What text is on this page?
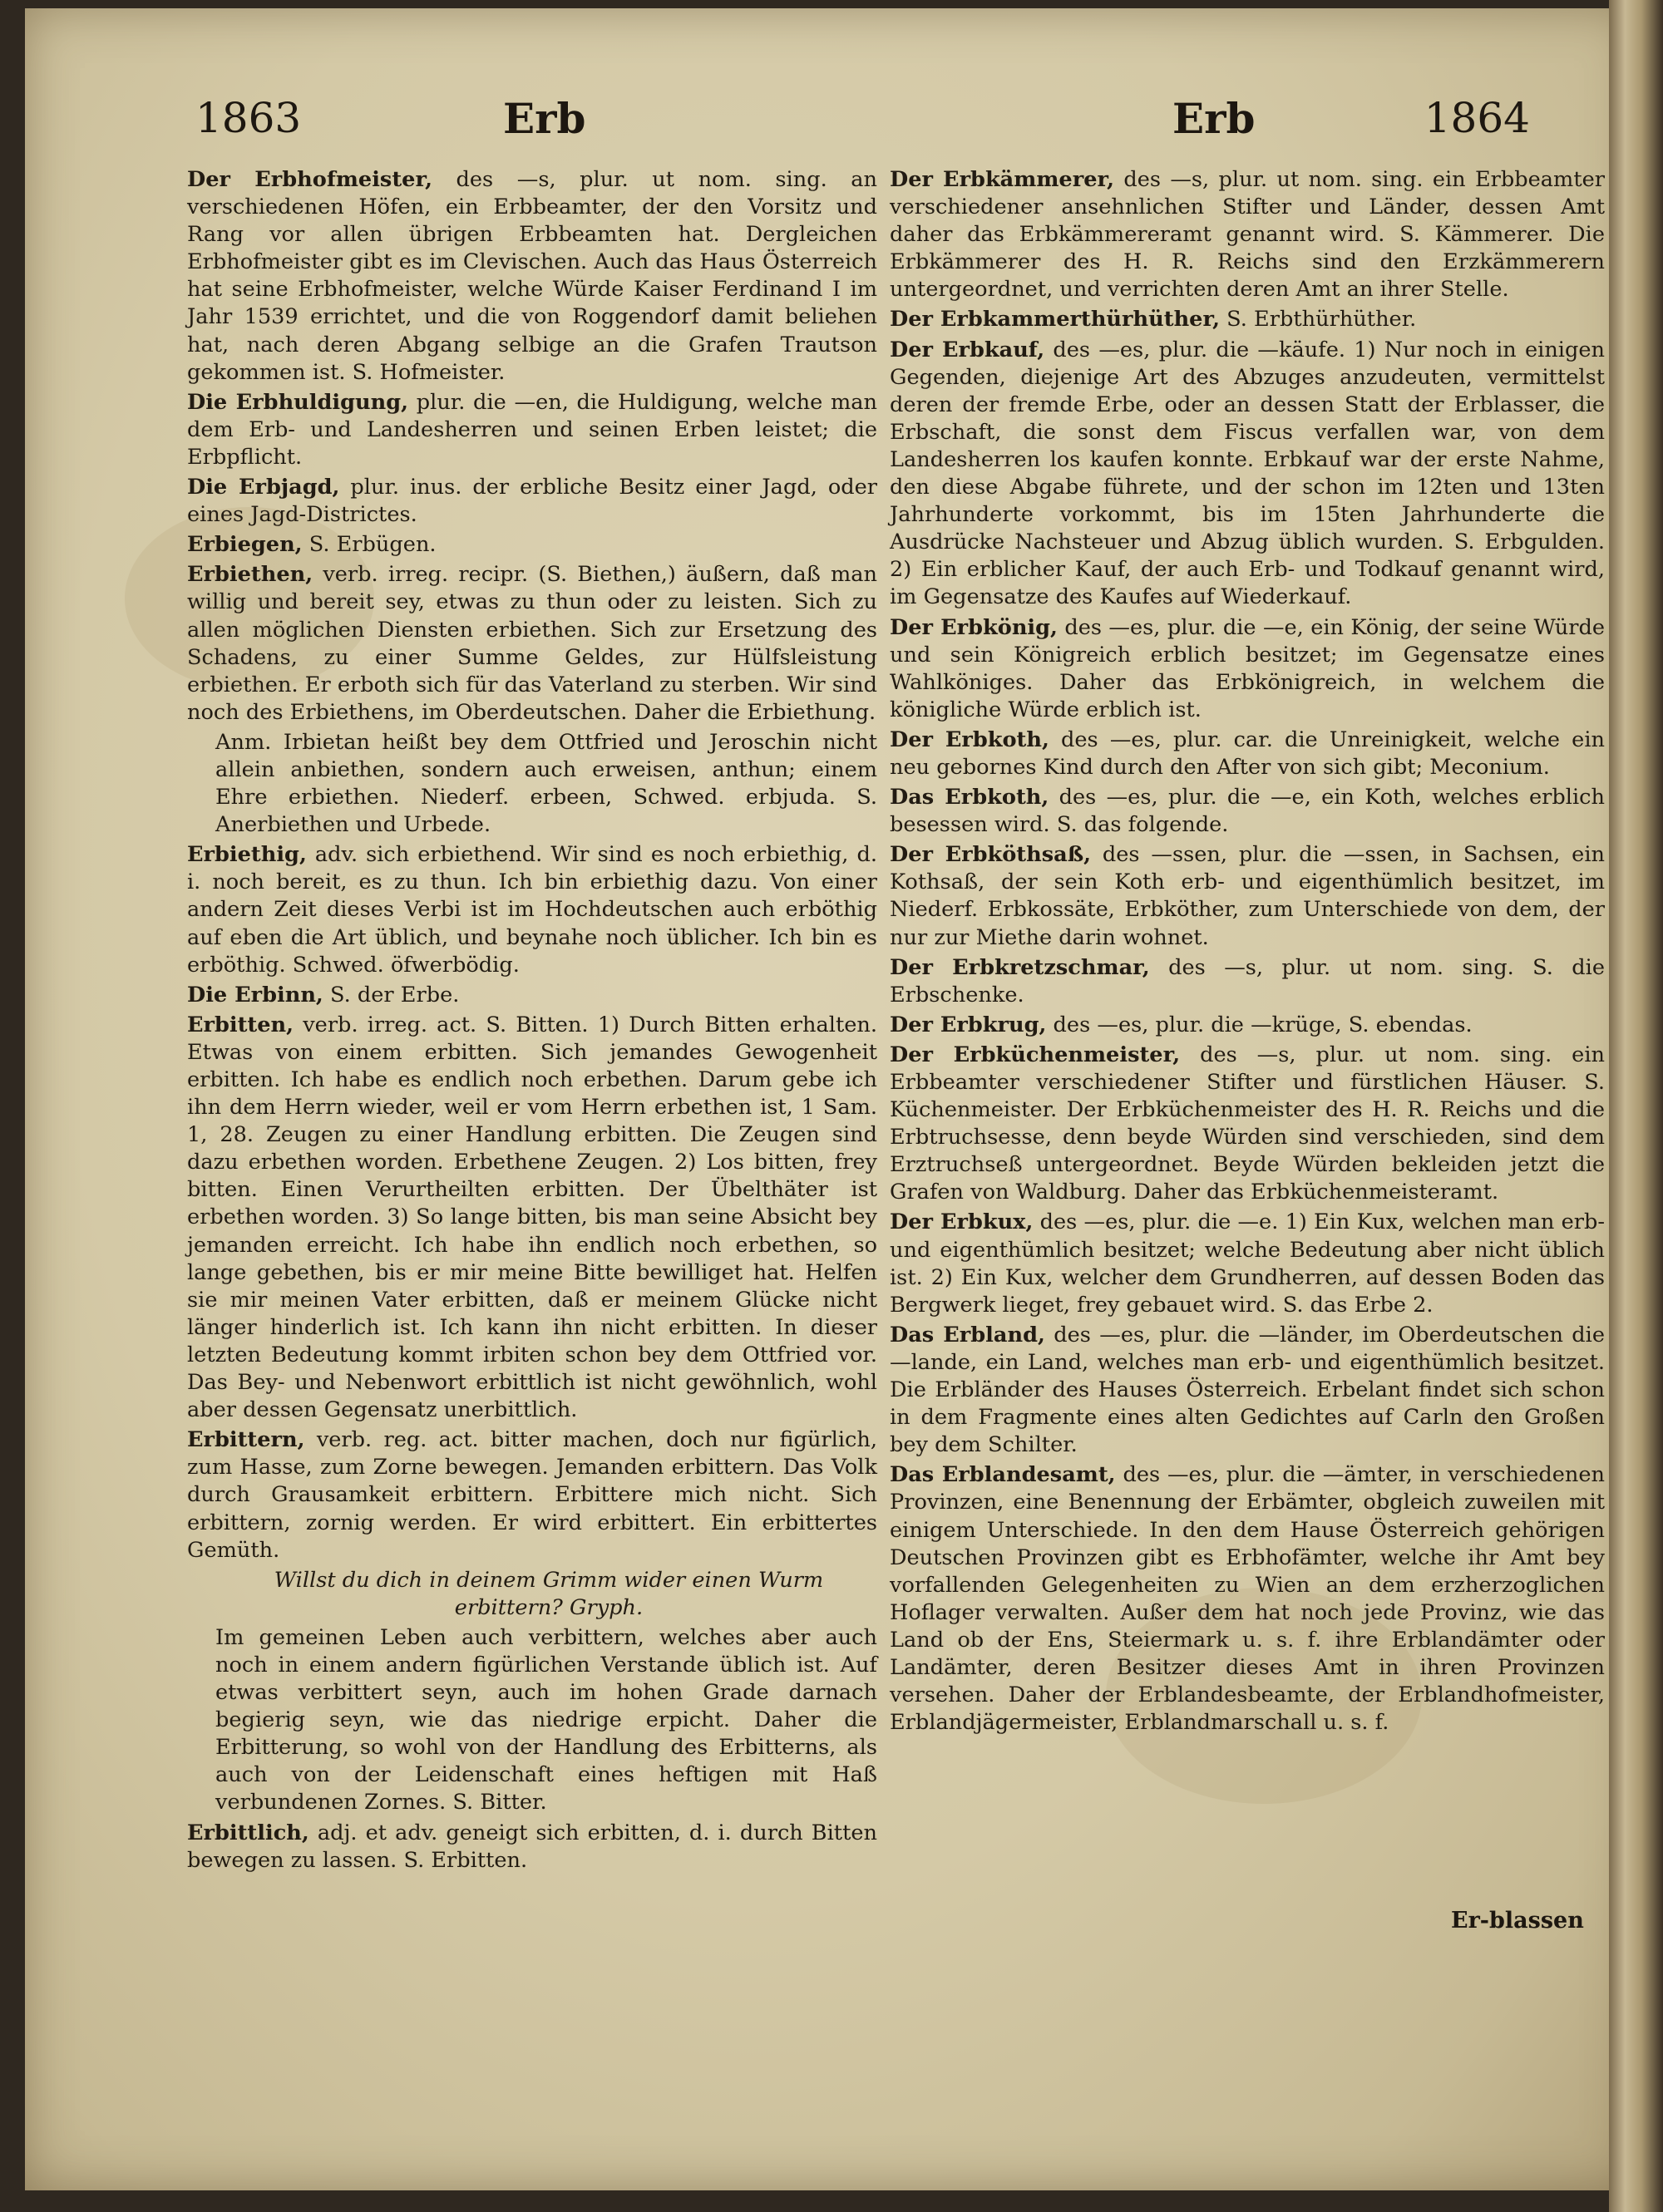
1863	Erb	Erb	1864
Der Erbhofmeister, des —s, plur. ut nom. sing. an verschiedenen Höfen, ein Erbbeamter, der den Vorsitz und Rang vor allen übrigen Erbbeamten hat. Dergleichen Erbhofmeister gibt es im Clevischen. Auch das Haus Österreich hat seine Erbhofmeister, welche Würde Kaiser Ferdinand I im Jahr 1539 errichtet, und die von Roggendorf damit beliehen hat, nach deren Abgang selbige an die Grafen Trautson gekommen ist. S. Hofmeister.
Die Erbhuldigung, plur. die —en, die Huldigung, welche man dem Erb- und Landesherren und seinen Erben leistet; die Erbpflicht.
Die Erbjagd, plur. inus. der erbliche Besitz einer Jagd, oder eines Jagd-Districtes.
Erbiegen, S. Erbügen.
Erbiethen, verb. irreg. recipr. (S. Biethen,) äußern, daß man willig und bereit sey, etwas zu thun oder zu leisten. Sich zu allen möglichen Diensten erbiethen. Sich zur Ersetzung des Schadens, zu einer Summe Geldes, zur Hülfsleistung erbiethen. Er erboth sich für das Vaterland zu sterben. Wir sind noch des Erbiethens, im Oberdeutschen. Daher die Erbiethung.
Anm. Irbietan heißt bey dem Ottfried und Jeroschin nicht allein anbiethen, sondern auch erweisen, anthun; einem Ehre erbiethen. Niederf. erbeen, Schwed. erbjuda. S. Anerbiethen und Urbede.
Erbiethig, adv. sich erbiethend. Wir sind es noch erbiethig, d. i. noch bereit, es zu thun. Ich bin erbiethig dazu. Von einer andern Zeit dieses Verbi ist im Hochdeutschen auch erböthig auf eben die Art üblich, und beynahe noch üblicher. Ich bin es erböthig. Schwed. öfwerbödig.
Die Erbinn, S. der Erbe.
Erbitten, verb. irreg. act. S. Bitten. 1) Durch Bitten erhalten. Etwas von einem erbitten. Sich jemandes Gewogenheit erbitten. Ich habe es endlich noch erbethen. Darum gebe ich ihn dem Herrn wieder, weil er vom Herrn erbethen ist, 1 Sam. 1, 28. Zeugen zu einer Handlung erbitten. Die Zeugen sind dazu erbethen worden. Erbethene Zeugen. 2) Los bitten, frey bitten. Einen Verurtheilten erbitten. Der Übelthäter ist erbethen worden. 3) So lange bitten, bis man seine Absicht bey jemanden erreicht. Ich habe ihn endlich noch erbethen, so lange gebethen, bis er mir meine Bitte bewilliget hat. Helfen sie mir meinen Vater erbitten, daß er meinem Glücke nicht länger hinderlich ist. Ich kann ihn nicht erbitten. In dieser letzten Bedeutung kommt irbiten schon bey dem Ottfried vor. Das Bey- und Nebenwort erbittlich ist nicht gewöhnlich, wohl aber dessen Gegensatz unerbittlich.
Erbittern, verb. reg. act. bitter machen, doch nur figürlich, zum Hasse, zum Zorne bewegen. Jemanden erbittern. Das Volk durch Grausamkeit erbittern. Erbittere mich nicht. Sich erbittern, zornig werden. Er wird erbittert. Ein erbittertes Gemüth.
Willst du dich in deinem Grimm wider einen Wurm erbittern? Gryph.
Im gemeinen Leben auch verbittern, welches aber auch noch in einem andern figürlichen Verstande üblich ist. Auf etwas verbittert seyn, auch im hohen Grade darnach begierig seyn, wie das niedrige erpicht. Daher die Erbitterung, so wohl von der Handlung des Erbitterns, als auch von der Leidenschaft eines heftigen mit Haß verbundenen Zornes. S. Bitter.
Erbittlich, adj. et adv. geneigt sich erbitten, d. i. durch Bitten bewegen zu lassen. S. Erbitten.
Der Erbkämmerer, des —s, plur. ut nom. sing. ein Erbbeamter verschiedener ansehnlichen Stifter und Länder, dessen Amt daher das Erbkämmereramt genannt wird. S. Kämmerer. Die Erbkämmerer des H. R. Reichs sind den Erzkämmerern untergeordnet, und verrichten deren Amt an ihrer Stelle.
Der Erbkammerthürhüther, S. Erbthürhüther.
Der Erbkauf, des —es, plur. die —käufe. 1) Nur noch in einigen Gegenden, diejenige Art des Abzuges anzudeuten, vermittelst deren der fremde Erbe, oder an dessen Statt der Erblasser, die Erbschaft, die sonst dem Fiscus verfallen war, von dem Landesherren los kaufen konnte. Erbkauf war der erste Nahme, den diese Abgabe führete, und der schon im 12ten und 13ten Jahrhunderte vorkommt, bis im 15ten Jahrhunderte die Ausdrücke Nachsteuer und Abzug üblich wurden. S. Erbgulden. 2) Ein erblicher Kauf, der auch Erb- und Todkauf genannt wird, im Gegensatze des Kaufes auf Wiederkauf.
Der Erbkönig, des —es, plur. die —e, ein König, der seine Würde und sein Königreich erblich besitzet; im Gegensatze eines Wahlköniges. Daher das Erbkönigreich, in welchem die königliche Würde erblich ist.
Der Erbkoth, des —es, plur. car. die Unreinigkeit, welche ein neu gebornes Kind durch den After von sich gibt; Meconium.
Das Erbkoth, des —es, plur. die —e, ein Koth, welches erblich besessen wird. S. das folgende.
Der Erbköthsaß, des —ssen, plur. die —ssen, in Sachsen, ein Kothsaß, der sein Koth erb- und eigenthümlich besitzet, im Niederf. Erbkossäte, Erbköther, zum Unterschiede von dem, der nur zur Miethe darin wohnet.
Der Erbkretzschmar, des —s, plur. ut nom. sing. S. die Erbschenke.
Der Erbkrug, des —es, plur. die —krüge, S. ebendas.
Der Erbküchenmeister, des —s, plur. ut nom. sing. ein Erbbeamter verschiedener Stifter und fürstlichen Häuser. S. Küchenmeister. Der Erbküchenmeister des H. R. Reichs und die Erbtruchsesse, denn beyde Würden sind verschieden, sind dem Erztruchseß untergeordnet. Beyde Würden bekleiden jetzt die Grafen von Waldburg. Daher das Erbküchenmeisteramt.
Der Erbkux, des —es, plur. die —e. 1) Ein Kux, welchen man erb- und eigenthümlich besitzet; welche Bedeutung aber nicht üblich ist. 2) Ein Kux, welcher dem Grundherren, auf dessen Boden das Bergwerk lieget, frey gebauet wird. S. das Erbe 2.
Das Erbland, des —es, plur. die —länder, im Oberdeutschen die —lande, ein Land, welches man erb- und eigenthümlich besitzet. Die Erbländer des Hauses Österreich. Erbelant findet sich schon in dem Fragmente eines alten Gedichtes auf Carln den Großen bey dem Schilter.
Das Erblandesamt, des —es, plur. die —ämter, in verschiedenen Provinzen, eine Benennung der Erbämter, obgleich zuweilen mit einigem Unterschiede. In den dem Hause Österreich gehörigen Deutschen Provinzen gibt es Erbhofämter, welche ihr Amt bey vorfallenden Gelegenheiten zu Wien an dem erzherzoglichen Hoflager verwalten. Außer dem hat noch jede Provinz, wie das Land ob der Ens, Steiermark u. s. f. ihre Erblandämter oder Landämter, deren Besitzer dieses Amt in ihren Provinzen versehen. Daher der Erblandesbeamte, der Erblandhofmeister, Erblandjägermeister, Erblandmarschall u. s. f.
Er-blassen
